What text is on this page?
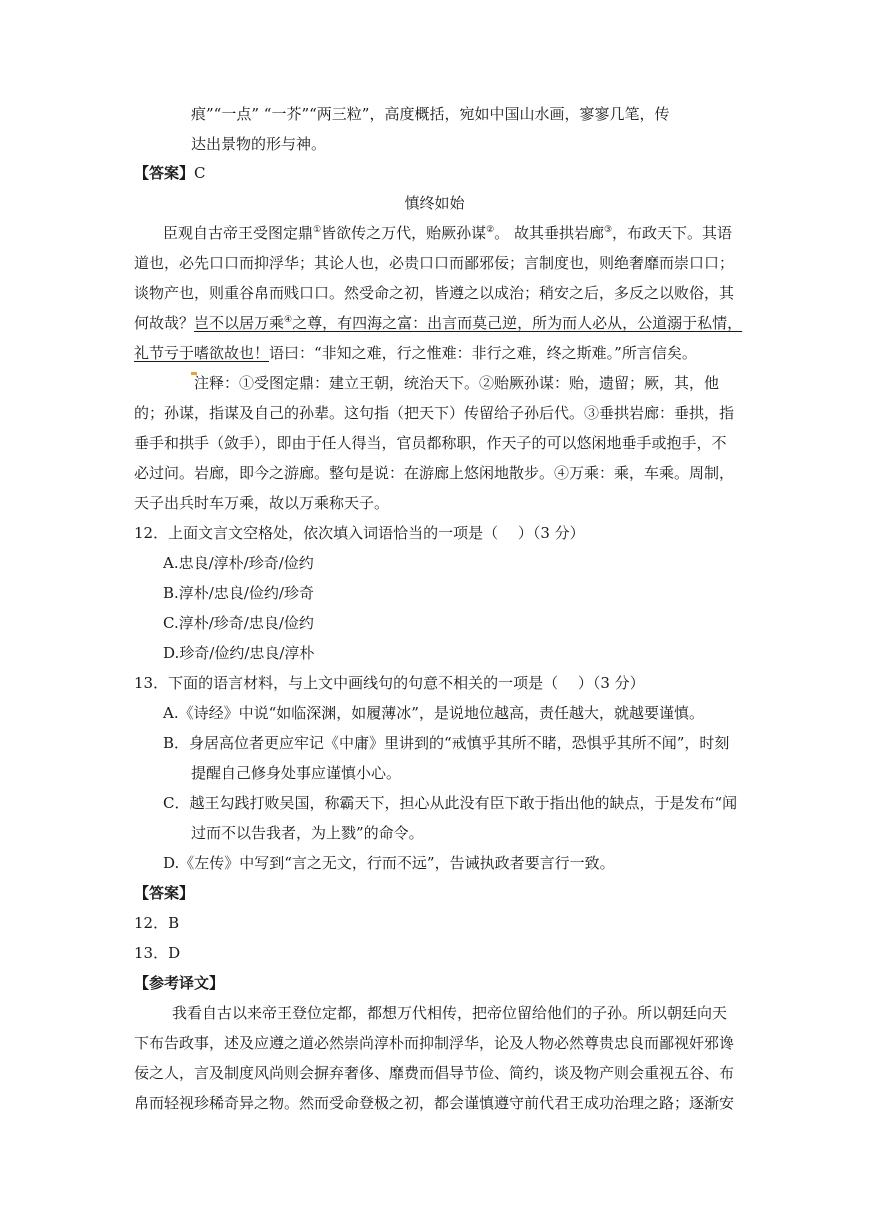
痕”“一点” “一芥”“两三粒”，高度概括，宛如中国山水画，寥寥几笔，传
达出景物的形与神。
【答案】C
慎终如始
臣观自古帝王受图定鼎①皆欲传之万代，贻厥孙谋②。 故其垂拱岩廊③，布政天下。其语
道也，必先口口而抑浮华；其论人也，必贵口口而鄙邪佞；言制度也，则绝奢靡而崇口口；
谈物产也，则重谷帛而贱口口。然受命之初，皆遵之以成治；稍安之后，多反之以败俗，其
何故哉？岂不以居万乘④之尊，有四海之富：出言而莫己逆，所为而人必从，公道溺于私情，
礼节亏于嗜欲故也！语曰：“非知之难，行之惟难：非行之难，终之斯难。”所言信矣。
注释：①受图定鼎：建立王朝，统治天下。②贻厥孙谋：贻，遗留；厥，其，他
的；孙谋，指谋及自己的孙辈。这句指（把天下）传留给子孙后代。③垂拱岩廊：垂拱，指
垂手和拱手（敛手），即由于任人得当，官员都称职，作天子的可以悠闲地垂手或抱手，不
必过问。岩廊，即今之游廊。整句是说：在游廊上悠闲地散步。④万乘：乘，车乘。周制，
天子出兵时车万乘，故以万乘称天子。
12．上面文言文空格处，依次填入词语恰当的一项是（　 ）（3 分）
A.忠良/淳朴/珍奇/俭约
B.淳朴/忠良/俭约/珍奇
C.淳朴/珍奇/忠良/俭约
D.珍奇/俭约/忠良/淳朴
13．下面的语言材料，与上文中画线句的句意不相关的一项是（　 ）（3 分）
A.《诗经》中说“如临深渊，如履薄冰”，是说地位越高，责任越大，就越要谨慎。
B．身居高位者更应牢记《中庸》里讲到的“戒慎乎其所不睹，恐惧乎其所不闻”，时刻
提醒自己修身处事应谨慎小心。
C．越王勾践打败吴国，称霸天下，担心从此没有臣下敢于指出他的缺点，于是发布“闻
过而不以告我者，为上戮”的命令。
D.《左传》中写到“言之无文，行而不远”，告诫执政者要言行一致。
【答案】
12．B
13．D
【参考译文】
我看自古以来帝王登位定都，都想万代相传，把帝位留给他们的子孙。所以朝廷向天
下布告政事，述及应遵之道必然崇尚淳朴而抑制浮华，论及人物必然尊贵忠良而鄙视奸邪谗
佞之人，言及制度风尚则会摒弃奢侈、靡费而倡导节俭、简约，谈及物产则会重视五谷、布
帛而轻视珍稀奇异之物。然而受命登极之初，都会谨慎遵守前代君王成功治理之路；逐渐安
